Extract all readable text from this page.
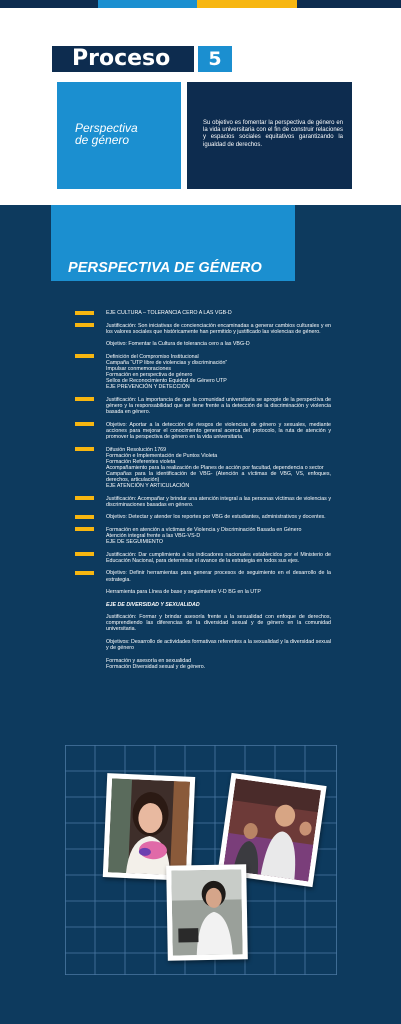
Proceso	5
Perspectiva
de género
Su objetivo es fomentar la perspectiva de género en la vida universitaria con el fin de construir relaciones y espacios sociales equitativos garantizando la igualdad de derechos.
PERSPECTIVA DE GÉNERO
EJE CULTURA – TOLERANCIA CERO A LAS VGB-D
Justificación: Son iniciativas de concienciación encaminadas a generar cambios culturales y en los valores sociales que históricamente han permitido y justificado las violencias de género.
Objetivo: Fomentar la Cultura de tolerancia cero a las VBG-D
Definición del Compromiso Institucional
Campaña “UTP libre de violencias y discriminación”
Impulsar conmemoraciones
Formación en perspectiva de género
Sellos de Reconocimiento Equidad de Género UTP
EJE PREVENCIÓN Y DETECCIÓN
Justificación: La importancia de que la comunidad universitaria se apropie de la perspectiva de género y la responsabilidad que se tiene frente a la detección de la discriminación y violencia basada en género.
Objetivo: Aportar a la detección de riesgos de violencias de género y sexuales, mediante acciones para mejorar el conocimiento general acerca del protocolo, la ruta de atención y promover la perspectiva de género en la vida universitaria.
Difusión Resolución 1769
Formación e Implementación de Puntos Violeta
Formación Referentes violeta
Acompañamiento para la realización de Planes de acción por facultad, dependencia o sector
Campañas para la identificación de VBG- (Atención a víctimas de VBG, VS, enfoques, derechos, articulación)
EJE ATENCIÓN Y ARTICULACIÓN
Justificación: Acompañar y brindar una atención integral a las personas víctimas de violencias y discriminaciones basadas en género.
Objetivo: Detectar y atender los reportes por VBG de estudiantes, administrativos y docentes.
Formación en atención a víctimas de Violencia y Discriminación Basada en Género
Atención integral frente a las VBG-VS-D
EJE DE SEGUIMIENTO
Justificación: Dar cumplimiento a los indicadores nacionales establecidos por el Ministerio de Educación Nacional, para determinar el avance de la estrategia en todos sus ejes.
Objetivo: Definir herramientas para generar procesos de seguimiento en el desarrollo de la estrategia.
Herramienta para Línea de base y seguimiento V-D BG en la UTP
EJE DE DIVERSIDAD Y SEXUALIDAD
Justificación: Formar y brindar asesoría frente a la sexualidad con enfoque de derechos, comprendiendo las diferencias de la diversidad sexual y de género en la comunidad universitaria.
Objetivos: Desarrollo de actividades formativas referentes a la sexualidad y la diversidad sexual y de género
Formación y asesoría en sexualidad
Formación Diversidad sexual y de género.
